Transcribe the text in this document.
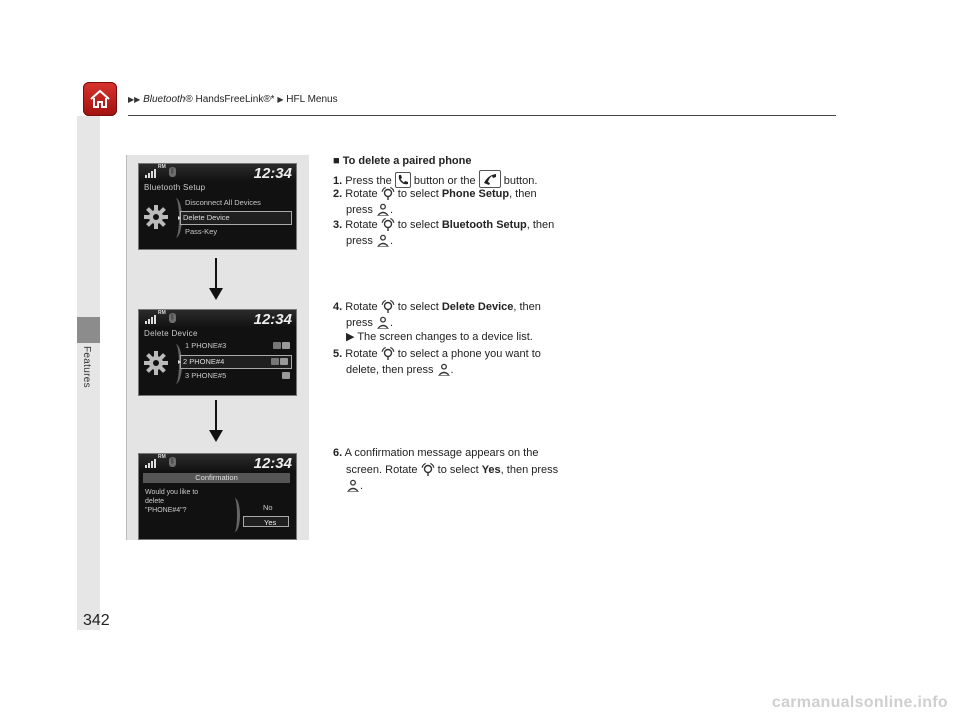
▶▶ Bluetooth® HandsFreeLink®* ▶ HFL Menus
Features
342
RM
ᛒ	12:34
Bluetooth Setup
Disconnect All Devices
Delete Device
Pass-Key
RM
ᛒ	12:34
Delete Device
1 PHONE#3
2 PHONE#4
3 PHONE#5
RM
ᛒ	12:34
Confirmation
Would you like to
delete
"PHONE#4"?	No
Yes
■ To delete a paired phone
1. Press the button or the	button.
2. Rotate to select Phone Setup, then
press .
3. Rotate to select Bluetooth Setup, then
press .
4. Rotate to select Delete Device, then
press .
▶ The screen changes to a device list.
5. Rotate to select a phone you want to
delete, then press .
6. A confirmation message appears on the
screen. Rotate to select Yes, then press
.
carmanualsonline.info
